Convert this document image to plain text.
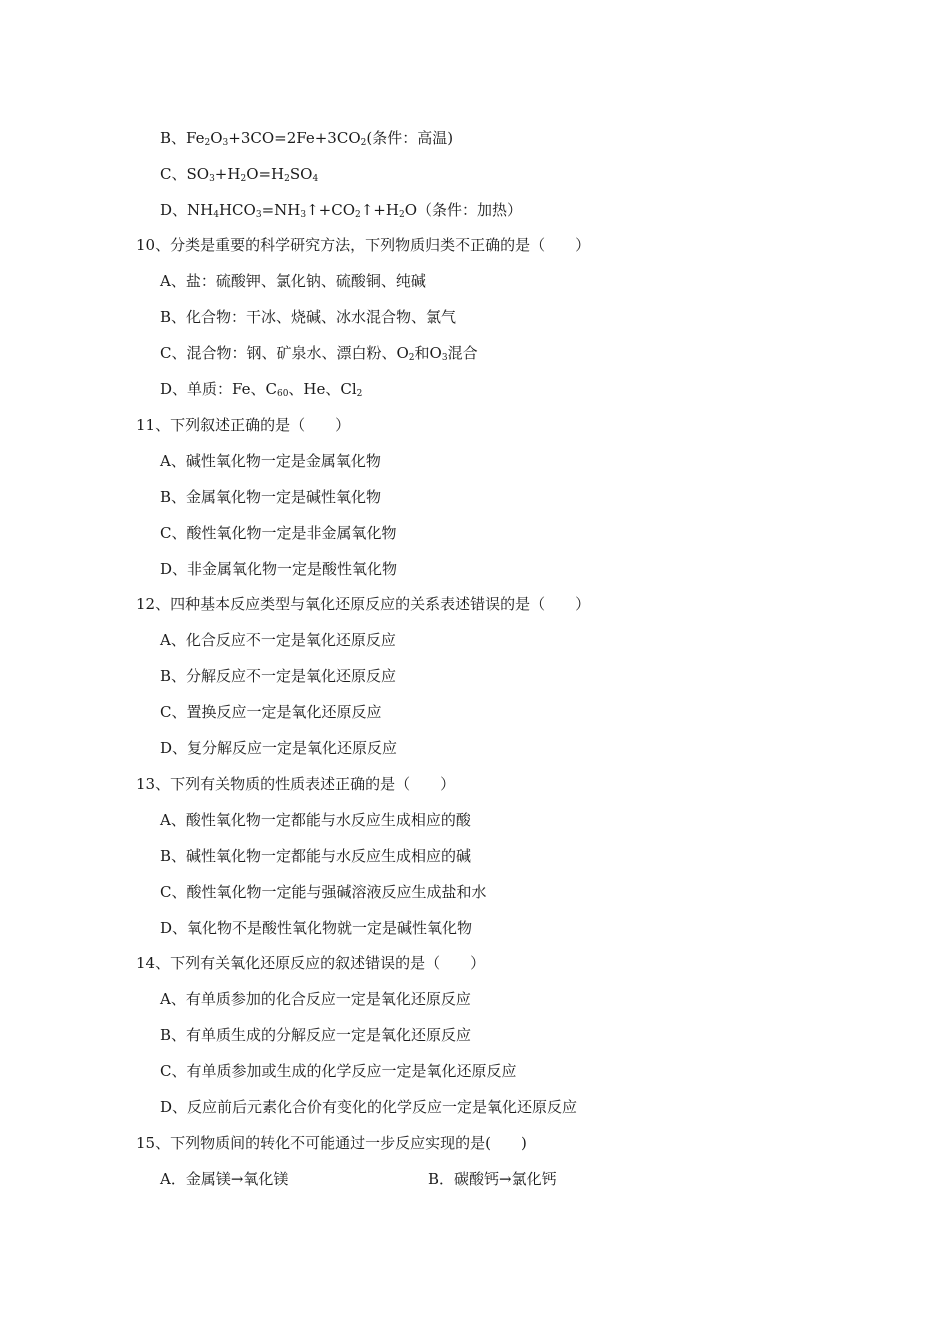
B、$Fe_2O_3+3CO=2Fe+3CO_2$(条件：高温)
C、$SO_3+H_2O=H_2SO_4$
D、$NH_4HCO_3=NH_3↑+CO_2↑+H_2O$（条件：加热）
10、分类是重要的科学研究方法，下列物质归类不正确的是（　　）
A、盐：硫酸钾、氯化钠、硫酸铜、纯碱
B、化合物：干冰、烧碱、冰水混合物、氯气
C、混合物：钢、矿泉水、漂白粉、$O_2$和$O_3$混合
D、单质：Fe、$C_{60}$、He、$Cl_2$
11、下列叙述正确的是（　　）
A、碱性氧化物一定是金属氧化物
B、金属氧化物一定是碱性氧化物
C、酸性氧化物一定是非金属氧化物
D、非金属氧化物一定是酸性氧化物
12、四种基本反应类型与氧化还原反应的关系表述错误的是（　　）
A、化合反应不一定是氧化还原反应
B、分解反应不一定是氧化还原反应
C、置换反应一定是氧化还原反应
D、复分解反应一定是氧化还原反应
13、下列有关物质的性质表述正确的是（　　）
A、酸性氧化物一定都能与水反应生成相应的酸
B、碱性氧化物一定都能与水反应生成相应的碱
C、酸性氧化物一定能与强碱溶液反应生成盐和水
D、氧化物不是酸性氧化物就一定是碱性氧化物
14、下列有关氧化还原反应的叙述错误的是（　　）
A、有单质参加的化合反应一定是氧化还原反应
B、有单质生成的分解反应一定是氧化还原反应
C、有单质参加或生成的化学反应一定是氧化还原反应
D、反应前后元素化合价有变化的化学反应一定是氧化还原反应
15、下列物质间的转化不可能通过一步反应实现的是(　　)
A．金属镁→氧化镁	B．碳酸钙→氯化钙
